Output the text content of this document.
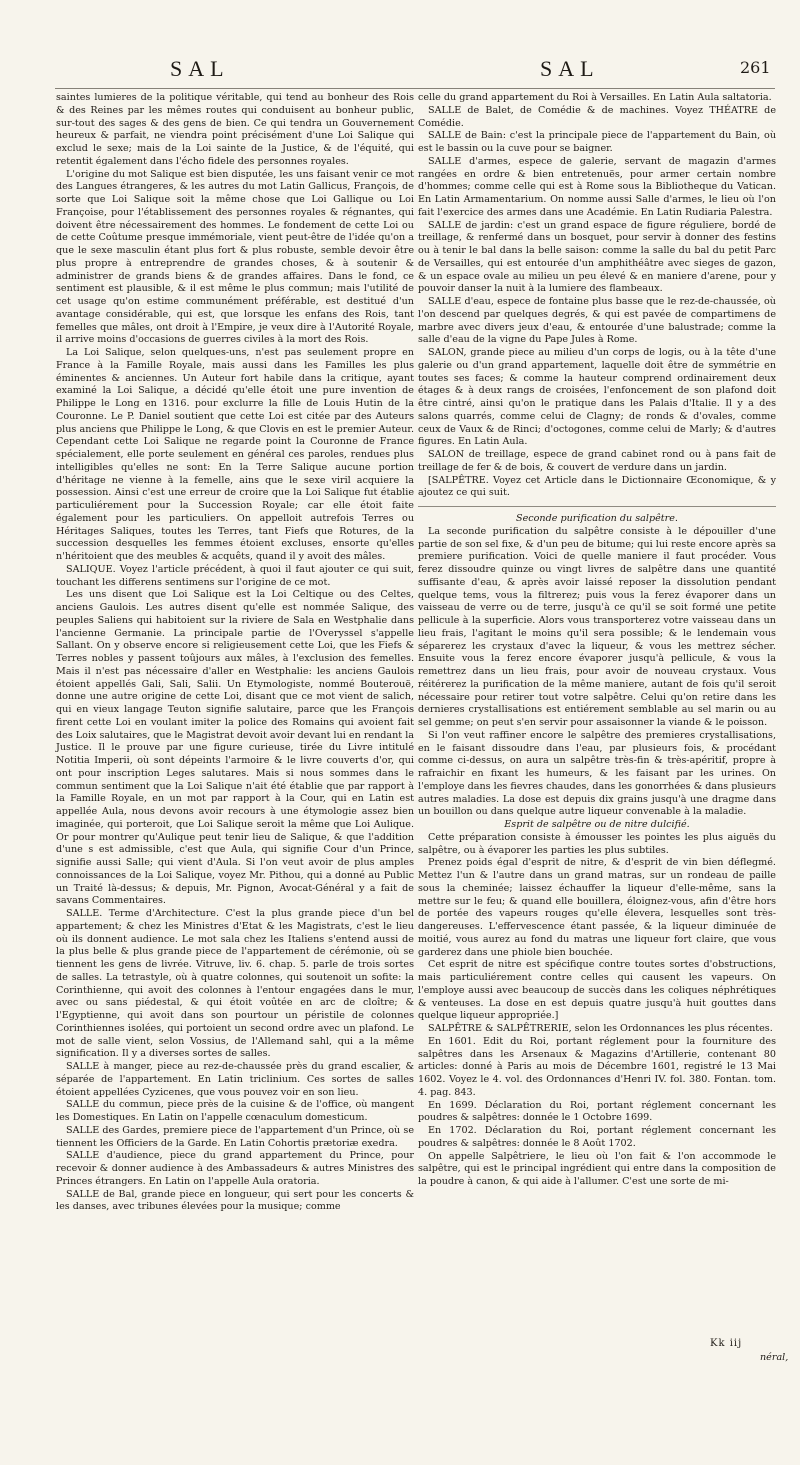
SAL	SAL	261

saintes lumieres de la politique véritable, qui tend au bonheur des Rois & des Reines par les mêmes routes qui conduisent au bonheur public, sur-tout des sages & des gens de bien. Ce qui tendra un Gouvernement heureux & parfait, ne viendra point précisément d'une Loi Salique qui exclud le sexe; mais de la Loi sainte de la Justice, & de l'équité, qui retentit également dans l'écho fidele des personnes royales.

L'origine du mot Salique est bien disputée, les uns faisant venir ce mot des Langues étrangeres, & les autres du mot Latin Gallicus, François, de sorte que Loi Salique soit la même chose que Loi Gallique ou Loi Françoise, pour l'établissement des personnes royales & régnantes, qui doivent être nécessairement des hommes. Le fondement de cette Loi ou de cette Coûtume presque immémoriale, vient peut-être de l'idée qu'on a que le sexe masculin étant plus fort & plus robuste, semble devoir être plus propre à entreprendre de grandes choses, & à soutenir & administrer de grands biens & de grandes affaires. Dans le fond, ce sentiment est plausible, & il est même le plus commun; mais l'utilité de cet usage qu'on estime communément préférable, est destitué d'un avantage considérable, qui est, que lorsque les enfans des Rois, tant femelles que mâles, ont droit à l'Empire, je veux dire à l'Autorité Royale, il arrive moins d'occasions de guerres civiles à la mort des Rois.

La Loi Salique, selon quelques-uns, n'est pas seulement propre en France à la Famille Royale, mais aussi dans les Familles les plus éminentes & anciennes. Un Auteur fort habile dans la critique, ayant examiné la Loi Salique, a décidé qu'elle étoit une pure invention de Philippe le Long en 1316. pour exclurre la fille de Louis Hutin de la Couronne. Le P. Daniel soutient que cette Loi est citée par des Auteurs plus anciens que Philippe le Long, & que Clovis en est le premier Auteur. Cependant cette Loi Salique ne regarde point la Couronne de France spécialement, elle porte seulement en général ces paroles, rendues plus intelligibles qu'elles ne sont: En la Terre Salique aucune portion d'héritage ne vienne à la femelle, ains que le sexe viril acquiere la possession. Ainsi c'est une erreur de croire que la Loi Salique fut établie particuliérement pour la Succession Royale; car elle étoit faite également pour les particuliers. On appelloit autrefois Terres ou Héritages Saliques, toutes les Terres, tant Fiefs que Rotures, de la succession desquelles les femmes étoient excluses, ensorte qu'elles n'héritoient que des meubles & acquêts, quand il y avoit des mâles.

SALIQUE. Voyez l'article précédent, à quoi il faut ajouter ce qui suit, touchant les differens sentimens sur l'origine de ce mot.

Les uns disent que Loi Salique est la Loi Celtique ou des Celtes, anciens Gaulois. Les autres disent qu'elle est nommée Salique, des peuples Saliens qui habitoient sur la riviere de Sala en Westphalie dans l'ancienne Germanie. La principale partie de l'Overyssel s'appelle Sallant. On y observe encore si religieusement cette Loi, que les Fiefs & Terres nobles y passent toûjours aux mâles, à l'exclusion des femelles. Mais il n'est pas nécessaire d'aller en Westphalie: les anciens Gaulois étoient appellés Gali, Sali, Salii. Un Etymologiste, nommé Bouterouë, donne une autre origine de cette Loi, disant que ce mot vient de salich, qui en vieux langage Teuton signifie salutaire, parce que les François firent cette Loi en voulant imiter la police des Romains qui avoient fait des Loix salutaires, que le Magistrat devoit avoir devant lui en rendant la Justice. Il le prouve par une figure curieuse, tirée du Livre intitulé Notitia Imperii, où sont dépeints l'armoire & le livre couverts d'or, qui ont pour inscription Leges salutares. Mais si nous sommes dans le commun sentiment que la Loi Salique n'ait été établie que par rapport à la Famille Royale, en un mot par rapport à la Cour, qui en Latin est appellée Aula, nous devons avoir recours à une étymologie assez bien imaginée, qui porteroit, que Loi Salique seroit la même que Loi Aulique. Or pour montrer qu'Aulique peut tenir lieu de Salique, & que l'addition d'une s est admissible, c'est que Aula, qui signifie Cour d'un Prince, signifie aussi Salle; qui vient d'Aula. Si l'on veut avoir de plus amples connoissances de la Loi Salique, voyez Mr. Pithou, qui a donné au Public un Traité là-dessus; & depuis, Mr. Pignon, Avocat-Général y a fait de savans Commentaires.

SALLE. Terme d'Architecture. C'est la plus grande piece d'un bel appartement; & chez les Ministres d'Etat & les Magistrats, c'est le lieu où ils donnent audience. Le mot sala chez les Italiens s'entend aussi de la plus belle & plus grande piece de l'appartement de cérémonie, où se tiennent les gens de livrée. Vitruve, liv. 6. chap. 5. parle de trois sortes de salles. La tetrastyle, où à quatre colonnes, qui soutenoit un sofite: la Corinthienne, qui avoit des colonnes à l'entour engagées dans le mur, avec ou sans piédestal, & qui étoit voûtée en arc de cloître; & l'Egyptienne, qui avoit dans son pourtour un péristile de colonnes Corinthiennes isolées, qui portoient un second ordre avec un plafond. Le mot de salle vient, selon Vossius, de l'Allemand sahl, qui a la même signification. Il y a diverses sortes de salles.

SALLE à manger, piece au rez-de-chaussée près du grand escalier, & séparée de l'appartement. En Latin triclinium. Ces sortes de salles étoient appellées Cyzicenes, que vous pouvez voir en son lieu.

SALLE du commun, piece près de la cuisine & de l'office, où mangent les Domestiques. En Latin on l'appelle cœnaculum domesticum.

SALLE des Gardes, premiere piece de l'appartement d'un Prince, où se tiennent les Officiers de la Garde. En Latin Cohortis prætoriæ exedra.

SALLE d'audience, piece du grand appartement du Prince, pour recevoir & donner audience à des Ambassadeurs & autres Ministres des Princes étrangers. En Latin on l'appelle Aula oratoria.

SALLE de Bal, grande piece en longueur, qui sert pour les concerts & les danses, avec tribunes élevées pour la musique; comme

celle du grand appartement du Roi à Versailles. En Latin Aula saltatoria.

SALLE de Balet, de Comédie & de machines. Voyez THÉATRE de Comédie.

SALLE de Bain: c'est la principale piece de l'appartement du Bain, où est le bassin ou la cuve pour se baigner.

SALLE d'armes, espece de galerie, servant de magazin d'armes rangées en ordre & bien entretenuës, pour armer certain nombre d'hommes; comme celle qui est à Rome sous la Bibliotheque du Vatican. En Latin Armamentarium. On nomme aussi Salle d'armes, le lieu où l'on fait l'exercice des armes dans une Académie. En Latin Rudiaria Palestra.

SALLE de jardin: c'est un grand espace de figure réguliere, bordé de treillage, & renfermé dans un bosquet, pour servir à donner des festins ou à tenir le bal dans la belle saison: comme la salle du bal du petit Parc de Versailles, qui est entourée d'un amphithéâtre avec sieges de gazon, & un espace ovale au milieu un peu élevé & en maniere d'arene, pour y pouvoir danser la nuit à la lumiere des flambeaux.

SALLE d'eau, espece de fontaine plus basse que le rez-de-chaussée, où l'on descend par quelques degrés, & qui est pavée de compartimens de marbre avec divers jeux d'eau, & entourée d'une balustrade; comme la salle d'eau de la vigne du Pape Jules à Rome.

SALON, grande piece au milieu d'un corps de logis, ou à la tête d'une galerie ou d'un grand appartement, laquelle doit être de symmétrie en toutes ses faces; & comme la hauteur comprend ordinairement deux étages & à deux rangs de croisées, l'enfoncement de son plafond doit être cintré, ainsi qu'on le pratique dans les Palais d'Italie. Il y a des salons quarrés, comme celui de Clagny; de ronds & d'ovales, comme ceux de Vaux & de Rinci; d'octogones, comme celui de Marly; & d'autres figures. En Latin Aula.

SALON de treillage, espece de grand cabinet rond ou à pans fait de treillage de fer & de bois, & couvert de verdure dans un jardin.

[SALPÊTRE. Voyez cet Article dans le Dictionnaire Œconomique, & y ajoutez ce qui suit.

Seconde purification du salpêtre.

La seconde purification du salpêtre consiste à le dépouiller d'une partie de son sel fixe, & d'un peu de bitume; qui lui reste encore après sa premiere purification. Voici de quelle maniere il faut procéder. Vous ferez dissoudre quinze ou vingt livres de salpêtre dans une quantité suffisante d'eau, & après avoir laissé reposer la dissolution pendant quelque tems, vous la filtrerez; puis vous la ferez évaporer dans un vaisseau de verre ou de terre, jusqu'à ce qu'il se soit formé une petite pellicule à la superficie. Alors vous transporterez votre vaisseau dans un lieu frais, l'agitant le moins qu'il sera possible; & le lendemain vous séparerez les crystaux d'avec la liqueur, & vous les mettrez sécher. Ensuite vous la ferez encore évaporer jusqu'à pellicule, & vous la remettrez dans un lieu frais, pour avoir de nouveau crystaux. Vous réitérerez la purification de la même maniere, autant de fois qu'il seroit nécessaire pour retirer tout votre salpêtre. Celui qu'on retire dans les dernieres crystallisations est entiérement semblable au sel marin ou au sel gemme; on peut s'en servir pour assaisonner la viande & le poisson.

Si l'on veut raffiner encore le salpêtre des premieres crystallisations, en le faisant dissoudre dans l'eau, par plusieurs fois, & procédant comme ci-dessus, on aura un salpêtre très-fin & très-apéritif, propre à rafraichir en fixant les humeurs, & les faisant par les urines. On l'employe dans les fievres chaudes, dans les gonorrhées & dans plusieurs autres maladies. La dose est depuis dix grains jusqu'à une dragme dans un bouillon ou dans quelque autre liqueur convenable à la maladie.

Esprit de salpêtre ou de nitre dulcifié.

Cette préparation consiste à émousser les pointes les plus aiguës du salpêtre, ou à évaporer les parties les plus subtiles.

Prenez poids égal d'esprit de nitre, & d'esprit de vin bien déflegmé. Mettez l'un & l'autre dans un grand matras, sur un rondeau de paille sous la cheminée; laissez échauffer la liqueur d'elle-même, sans la mettre sur le feu; & quand elle bouillera, éloignez-vous, afin d'être hors de portée des vapeurs rouges qu'elle élevera, lesquelles sont très-dangereuses. L'effervescence étant passée, & la liqueur diminuée de moitié, vous aurez au fond du matras une liqueur fort claire, que vous garderez dans une phiole bien bouchée.

Cet esprit de nitre est spécifique contre toutes sortes d'obstructions, mais particuliérement contre celles qui causent les vapeurs. On l'employe aussi avec beaucoup de succès dans les coliques néphrétiques & venteuses. La dose en est depuis quatre jusqu'à huit gouttes dans quelque liqueur appropriée.]

SALPÊTRE & SALPÊTRERIE, selon les Ordonnances les plus récentes.

En 1601. Edit du Roi, portant réglement pour la fourniture des salpêtres dans les Arsenaux & Magazins d'Artillerie, contenant 80 articles: donné à Paris au mois de Décembre 1601, registré le 13 Mai 1602. Voyez le 4. vol. des Ordonnances d'Henri IV. fol. 380. Fontan. tom. 4. pag. 843.

En 1699. Déclaration du Roi, portant réglement concernant les poudres & salpêtres: donnée le 1 Octobre 1699.

En 1702. Déclaration du Roi, portant réglement concernant les poudres & salpêtres: donnée le 8 Août 1702.

On appelle Salpêtriere, le lieu où l'on fait & l'on accommode le salpêtre, qui est le principal ingrédient qui entre dans la composition de la poudre à canon, & qui aide à l'allumer. C'est une sorte de mi-

Kk iij
néral,
